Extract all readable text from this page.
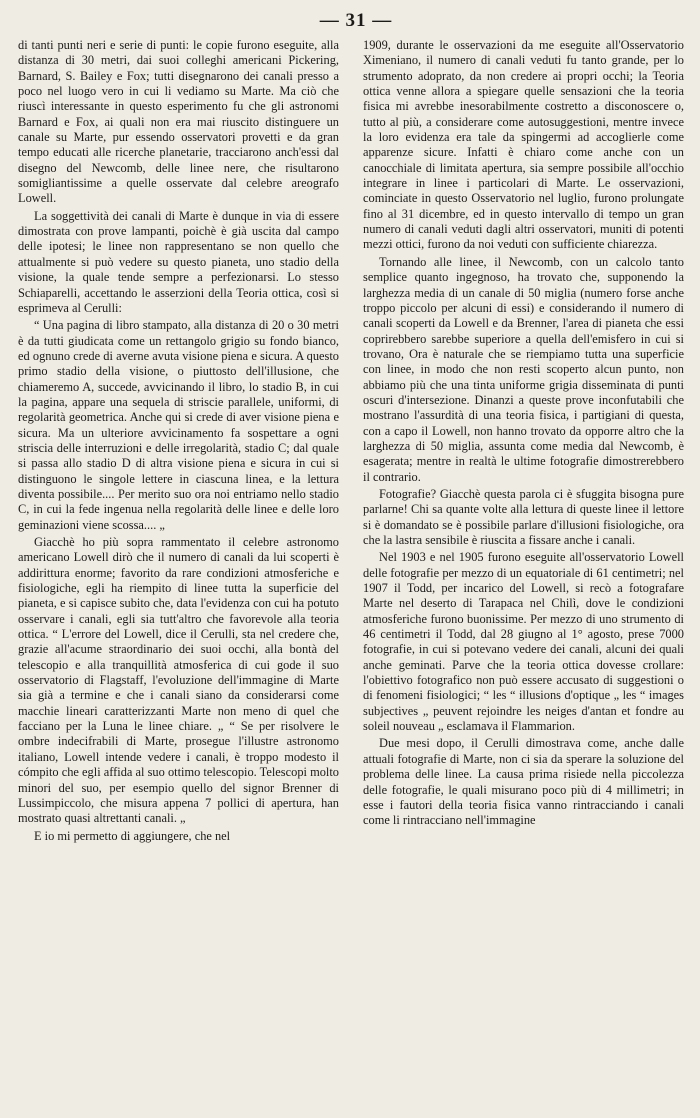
— 31 —

di tanti punti neri e serie di punti: le copie furono eseguite, alla distanza di 30 metri, dai suoi colleghi americani Pickering, Barnard, S. Bailey e Fox; tutti disegnarono dei canali presso a poco nel luogo vero in cui li vediamo su Marte. Ma ciò che riuscì interessante in questo esperimento fu che gli astronomi Barnard e Fox, ai quali non era mai riuscito distinguere un canale su Marte, pur essendo osservatori provetti e da gran tempo educati alle ricerche planetarie, tracciarono anch'essi dal disegno del Newcomb, delle linee nere, che risultarono somigliantissime a quelle osservate dal celebre areografo Lowell.

La soggettività dei canali di Marte è dunque in via di essere dimostrata con prove lampanti, poichè è già uscita dal campo delle ipotesi; le linee non rappresentano se non quello che attualmente si può vedere su questo pianeta, uno stadio della visione, la quale tende sempre a perfezionarsi. Lo stesso Schiaparelli, accettando le asserzioni della Teoria ottica, così si esprimeva al Cerulli:

“ Una pagina di libro stampato, alla distanza di 20 o 30 metri è da tutti giudicata come un rettangolo grigio su fondo bianco, ed ognuno crede di averne avuta visione piena e sicura. A questo primo stadio della visione, o piuttosto dell'illusione, che chiameremo A, succede, avvicinando il libro, lo stadio B, in cui la pagina, appare una sequela di striscie parallele, uniformi, di regolarità geometrica. Anche qui si crede di aver visione piena e sicura. Ma un ulteriore avvicinamento fa sospettare a ogni striscia delle interruzioni e delle irregolarità, stadio C; dal quale si passa allo stadio D di altra visione piena e sicura in cui si distinguono le singole lettere in ciascuna linea, e la lettura diventa possibile.... Per merito suo ora noi entriamo nello stadio C, in cui la fede ingenua nella regolarità delle linee e delle loro geminazioni viene scossa.... „

Giacchè ho più sopra rammentato il celebre astronomo americano Lowell dirò che il numero di canali da lui scoperti è addirittura enorme; favorito da rare condizioni atmosferiche e fisiologiche, egli ha riempito di linee tutta la superficie del pianeta, e si capisce subito che, data l'evidenza con cui ha potuto osservare i canali, egli sia tutt'altro che favorevole alla teoria ottica. “ L'errore del Lowell, dice il Cerulli, sta nel credere che, grazie all'acume straordinario dei suoi occhi, alla bontà del telescopio e alla tranquillità atmosferica di cui gode il suo osservatorio di Flagstaff, l'evoluzione dell'immagine di Marte sia già a termine e che i canali siano da considerarsi come macchie lineari caratterizzanti Marte non meno di quel che facciano per la Luna le linee chiare. „ “ Se per risolvere le ombre indecifrabili di Marte, prosegue l'illustre astronomo italiano, Lowell intende vedere i canali, è troppo modesto il cómpito che egli affida al suo ottimo telescopio. Telescopi molto minori del suo, per esempio quello del signor Brenner di Lussimpiccolo, che misura appena 7 pollici di apertura, han mostrato quasi altrettanti canali. „

E io mi permetto di aggiungere, che nel

1909, durante le osservazioni da me eseguite all'Osservatorio Ximeniano, il numero di canali veduti fu tanto grande, per lo strumento adoprato, da non credere ai propri occhi; la Teoria ottica venne allora a spiegare quelle sensazioni che la teoria fisica mi avrebbe inesorabilmente costretto a disconoscere o, tutto al più, a considerare come autosuggestioni, mentre invece la loro evidenza era tale da spingermi ad accoglierle come apparenze sicure. Infatti è chiaro come anche con un canocchiale di limitata apertura, sia sempre possibile all'occhio integrare in linee i particolari di Marte. Le osservazioni, cominciate in questo Osservatorio nel luglio, furono prolungate fino al 31 dicembre, ed in questo intervallo di tempo un gran numero di canali veduti dagli altri osservatori, muniti di potenti mezzi ottici, furono da noi veduti con sufficiente chiarezza.

Tornando alle linee, il Newcomb, con un calcolo tanto semplice quanto ingegnoso, ha trovato che, supponendo la larghezza media di un canale di 50 miglia (numero forse anche troppo piccolo per alcuni di essi) e considerando il numero di canali scoperti da Lowell e da Brenner, l'area di pianeta che essi coprirebbero sarebbe superiore a quella dell'emisfero in cui si trovano, Ora è naturale che se riempiamo tutta una superficie con linee, in modo che non resti scoperto alcun punto, non abbiamo più che una tinta uniforme grigia disseminata di punti oscuri d'intersezione. Dinanzi a queste prove inconfutabili che mostrano l'assurdità di una teoria fisica, i partigiani di questa, con a capo il Lowell, non hanno trovato da opporre altro che la larghezza di 50 miglia, assunta come media dal Newcomb, è esagerata; mentre in realtà le ultime fotografie dimostrerebbero il contrario.

Fotografie? Giacchè questa parola ci è sfuggita bisogna pure parlarne! Chi sa quante volte alla lettura di queste linee il lettore si è domandato se è possibile parlare d'illusioni fisiologiche, ora che la lastra sensibile è riuscita a fissare anche i canali.

Nel 1903 e nel 1905 furono eseguite all'osservatorio Lowell delle fotografie per mezzo di un equatoriale di 61 centimetri; nel 1907 il Todd, per incarico del Lowell, si recò a fotografare Marte nel deserto di Tarapaca nel Chilì, dove le condizioni atmosferiche furono buonissime. Per mezzo di uno strumento di 46 centimetri il Todd, dal 28 giugno al 1° agosto, prese 7000 fotografie, in cui si potevano vedere dei canali, alcuni dei quali anche geminati. Parve che la teoria ottica dovesse crollare: l'obiettivo fotografico non può essere accusato di suggestioni o di fenomeni fisiologici; “ les “ illusions d'optique „ les “ images subjectives „ peuvent rejoindre les neiges d'antan et fondre au soleil nouveau „ esclamava il Flammarion.

Due mesi dopo, il Cerulli dimostrava come, anche dalle attuali fotografie di Marte, non ci sia da sperare la soluzione del problema delle linee. La causa prima risiede nella piccolezza delle fotografie, le quali misurano poco più di 4 millimetri; in esse i fautori della teoria fisica vanno rintracciando i canali come li rintracciano nell'immagine
